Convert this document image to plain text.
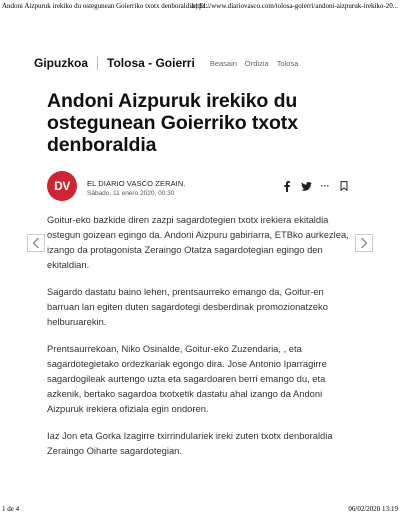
Andoni Aizpuruk irekiko du ostegunean Goierriko txotx denboraldia | El...
https://www.diariovasco.com/tolosa-goierri/andoni-aizpuruk-irekiko-20...
Gipuzkoa Tolosa - Goierri Beasain Ordizia Tolosa
Andoni Aizpuruk irekiko du ostegunean Goierriko txotx denboraldia
DV	EL DIARIO VASCO ZERAIN.
Sábado, 11 enero 2020, 00:30
···

Goitur-eko bazkide diren zazpi sagardotegien txotx irekiera ekitaldia ostegun goizean egingo da. Andoni Aizpuru gabiriarra, ETBko aurkezlea, izango da protagonista Zeraingo Otatza sagardotegian egingo den ekitaldian.

Sagardo dastatu baino lehen, prentsaurreko emango da, Goitur-en barruan lan egiten duten sagardotegi desberdinak promozionatzeko helburuarekin.

Prentsaurrekoan, Niko Osinalde, Goitur-eko Zuzendaria, , eta sagardotegietako ordezkariak egongo dira. Jose Antonio Iparragirre sagardogileak aurtengo uzta eta sagardoaren berri emango du, eta azkenik, bertako sagardoa txotxetik dastatu ahal izango da Andoni Aizpuruk irekiera ofiziala egin ondoren.

Iaz Jon eta Gorka Izagirre txirrindulariek ireki zuten txotx denboraldia Zeraingo Oiharte sagardotegian.

1 de 4	06/02/2020 13:19
